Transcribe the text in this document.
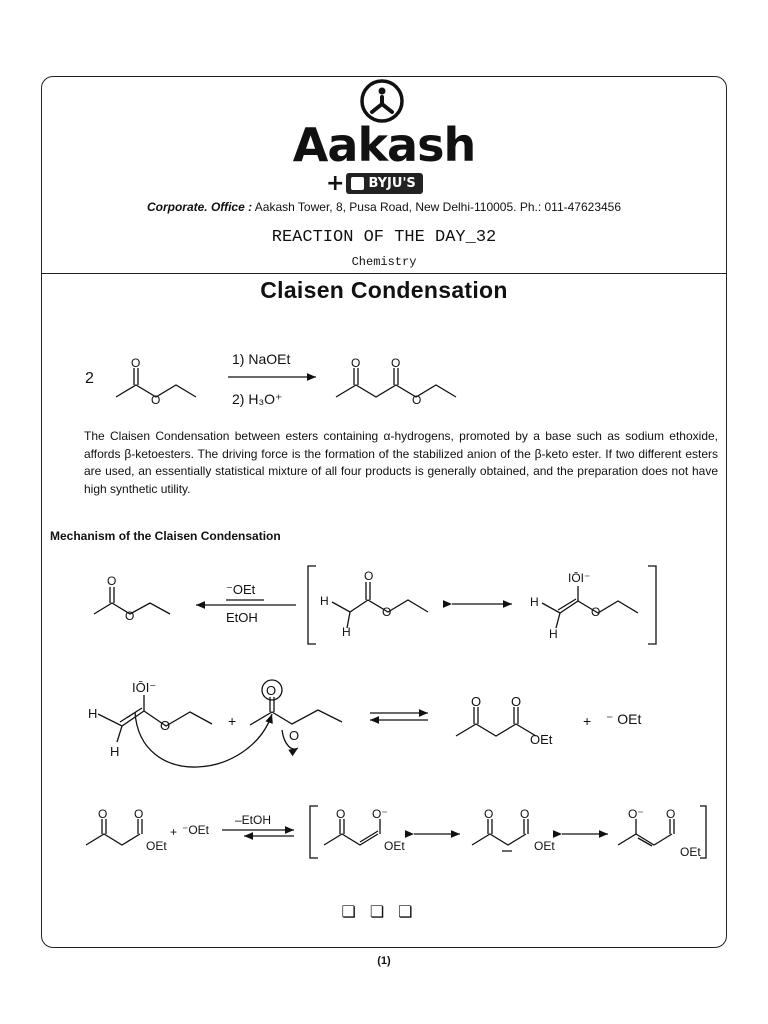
Aakash
+ BYJU'S
Corporate. Office : Aakash Tower, 8, Pusa Road, New Delhi-110005. Ph.: 011-47623456
REACTION OF THE DAY_32
Chemistry
Claisen Condensation
2
O
O
1) NaOEt
2) H₃O⁺
O	O
O
O
O
⁻OEt
EtOH
H
H
O
O
H
H
IŌI⁻
O
H
H
IŌI⁻
O	+
O
O
O O
OEt
+ ⁻ OEt
O O
OEt
+ ⁻OEt
–EtOH	O O⁻
OEt
O O
OEt
O⁻ O
OEt
The Claisen Condensation between esters containing α-hydrogens, promoted by a base such as sodium ethoxide, affords β-ketoesters. The driving force is the formation of the stabilized anion of the β-keto ester. If two different esters are used, an essentially statistical mixture of all four products is generally obtained, and the preparation does not have high synthetic utility.
Mechanism of the Claisen Condensation
❏❏❏
(1)
